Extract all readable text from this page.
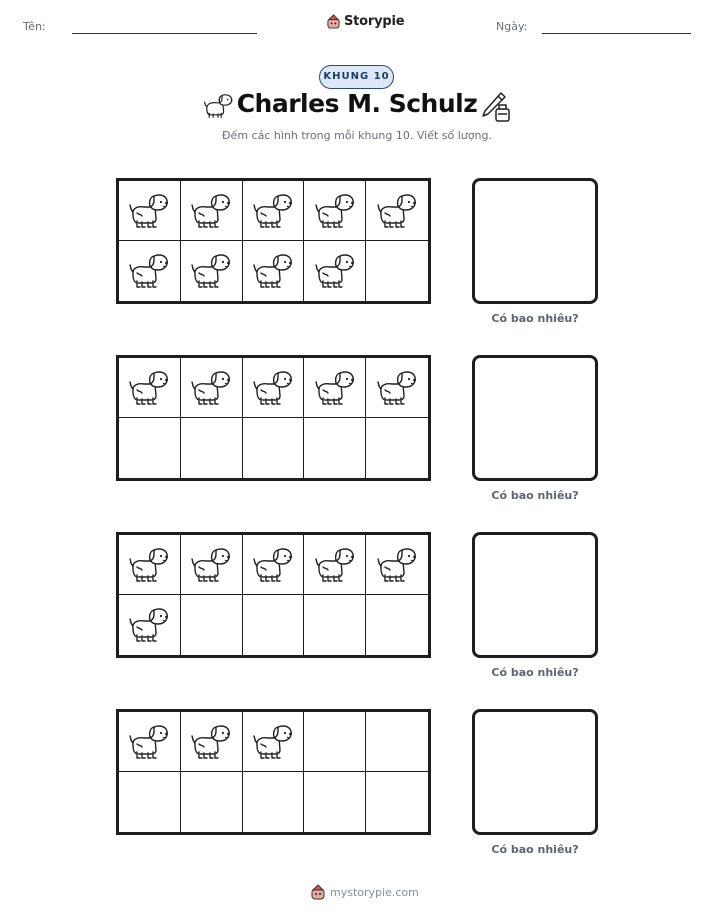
Tên:	Storypie	Ngày:
KHUNG 10
Charles M. Schulz
Đếm các hình trong mỗi khung 10. Viết số lượng.
Có bao nhiêu?
Có bao nhiêu?
Có bao nhiêu?
Có bao nhiêu?
mystorypie.com
